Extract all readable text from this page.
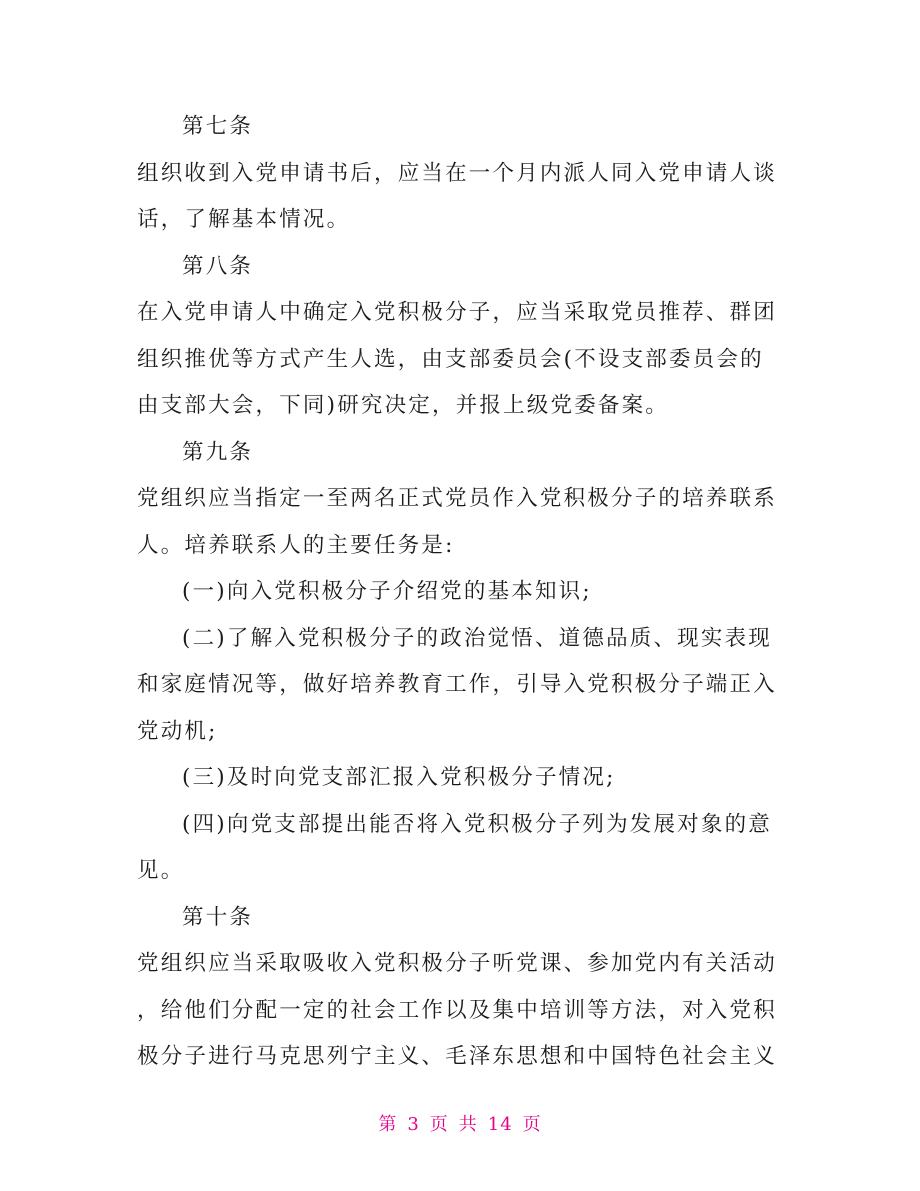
第七条
组织收到入党申请书后，应当在一个月内派人同入党申请人谈
话，了解基本情况。
第八条
在入党申请人中确定入党积极分子，应当采取党员推荐、群团
组织推优等方式产生人选，由支部委员会(不设支部委员会的
由支部大会，下同)研究决定，并报上级党委备案。
第九条
党组织应当指定一至两名正式党员作入党积极分子的培养联系
人。培养联系人的主要任务是:
(一)向入党积极分子介绍党的基本知识;
(二)了解入党积极分子的政治觉悟、道德品质、现实表现
和家庭情况等，做好培养教育工作，引导入党积极分子端正入
党动机;
(三)及时向党支部汇报入党积极分子情况;
(四)向党支部提出能否将入党积极分子列为发展对象的意
见。
第十条
党组织应当采取吸收入党积极分子听党课、参加党内有关活动
，给他们分配一定的社会工作以及集中培训等方法，对入党积
极分子进行马克思列宁主义、毛泽东思想和中国特色社会主义
第 3 页 共 14 页
